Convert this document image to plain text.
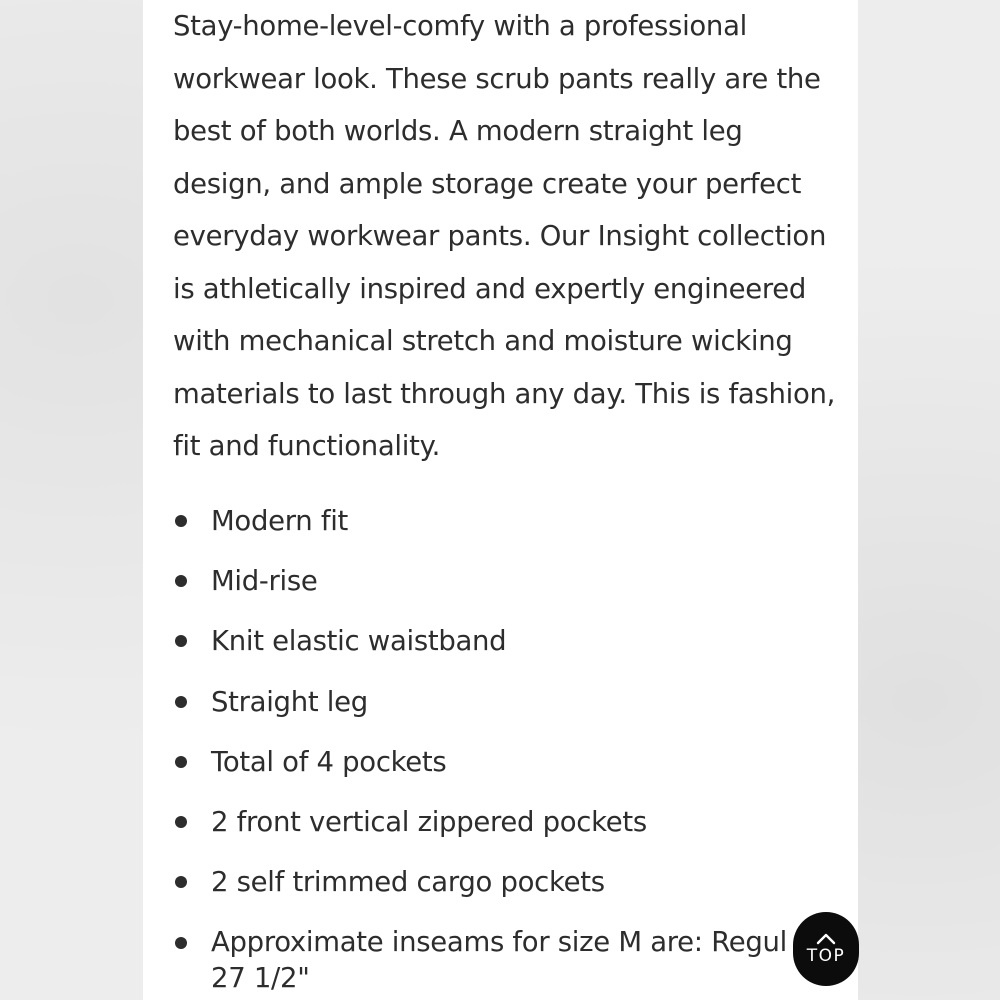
Stay-home-level-comfy with a professional
workwear look. These scrub pants really are the
best of both worlds. A modern straight leg
design, and ample storage create your perfect
everyday workwear pants. Our Insight collection
is athletically inspired and expertly engineered
with mechanical stretch and moisture wicking
materials to last through any day. This is fashion,
fit and functionality.

Modern fit
Mid-rise
Knit elastic waistband
Straight leg
Total of 4 pockets
2 front vertical zippered pockets
2 self trimmed cargo pockets
Approximate inseams for size M are: Regul
27 1/2"
TOP
